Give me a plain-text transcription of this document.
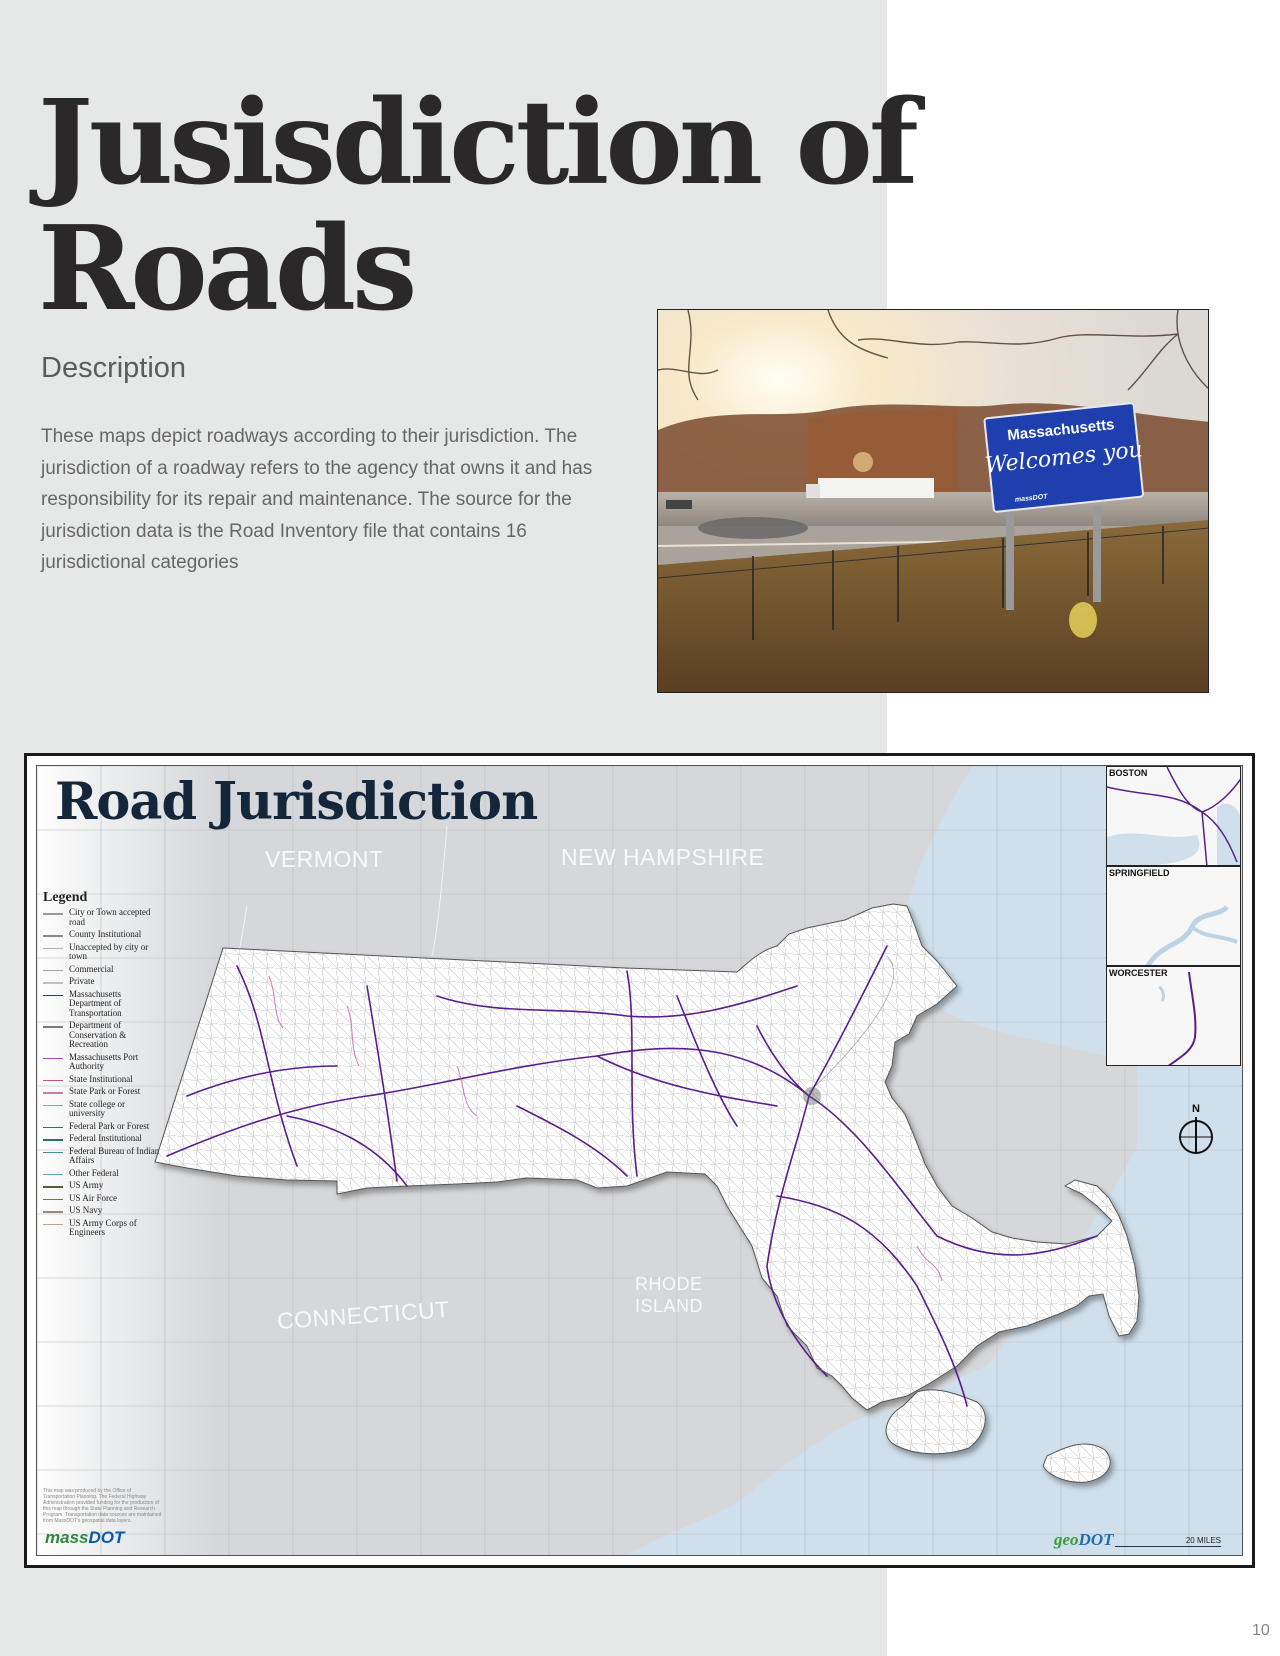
Jusisdiction of
Roads
Description

These maps depict roadways according to their jurisdiction. The jurisdiction of a roadway refers to the agency that owns it and has responsibility for its repair and maintenance. The source for the jurisdiction data is the Road Inventory file that contains 16 jurisdictional categories

Massachusetts
Welcomes you
massDOT
Road Jurisdiction
VERMONT	NEW HAMPSHIRE
CONNECTICUT
RHODE
ISLAND
Legend
City or Town accepted road
County Institutional
Unaccepted by city or town
Commercial
Private
Massachusetts Department of Transportation
Department of Conservation & Recreation
Massachusetts Port Authority
State Institutional
State Park or Forest
State college or university
Federal Park or Forest
Federal Institutional
Federal Bureau of Indian Affairs
Other Federal
US Army
US Air Force
US Navy
US Army Corps of Engineers
BOSTON
SPRINGFIELD
WORCESTER
N
This map was produced by the Office of Transportation Planning. The Federal Highway Administration provided funding for the production of this map through the State Planning and Research Program. Transportation data sources are maintained from MassDOT's geospatial data layers.
massDOT	geoDOT	20 MILES
10
